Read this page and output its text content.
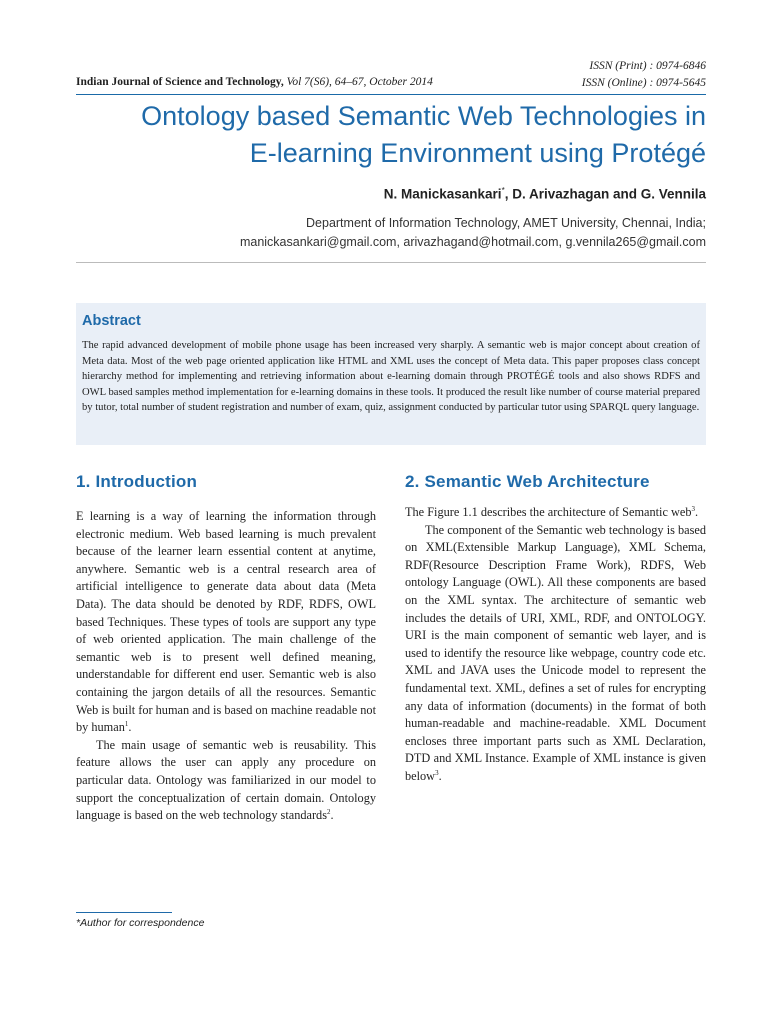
Indian Journal of Science and Technology, Vol 7(S6), 64–67, October 2014
ISSN (Print) : 0974-6846
ISSN (Online) : 0974-5645
Ontology based Semantic Web Technologies in
E-learning Environment using Protégé
N. Manickasankari*, D. Arivazhagan and G. Vennila
Department of Information Technology, AMET University, Chennai, India;
manickasankari@gmail.com, arivazhagand@hotmail.com, g.vennila265@gmail.com
Abstract
The rapid advanced development of mobile phone usage has been increased very sharply. A semantic web is major concept about creation of Meta data. Most of the web page oriented application like HTML and XML uses the concept of Meta data. This paper proposes class concept hierarchy method for implementing and retrieving information about e-learning domain through PROTÉGÉ tools and also shows RDFS and OWL based samples method implementation for e-learning domains in these tools. It produced the result like number of course material prepared by tutor, total number of student registration and number of exam, quiz, assignment conducted by particular tutor using SPARQL query language.
1. Introduction	2. Semantic Web Architecture

E learning is a way of learning the information through electronic medium. Web based learning is much prevalent because of the learner learn essential content at anytime, anywhere. Semantic web is a central research area of artificial intelligence to generate data about data (Meta Data). The data should be denoted by RDF, RDFS, OWL based Techniques. These types of tools are support any type of web oriented application. The main challenge of the semantic web is to present well defined meaning, understandable for different end user. Semantic web is also containing the jargon details of all the resources. Semantic Web is built for human and is based on machine readable not by human$^1$.

The main usage of semantic web is reusability. This feature allows the user can apply any procedure on particular data. Ontology was familiarized in our model to support the conceptualization of certain domain. Ontology language is based on the web technology standards$^2$.

The Figure 1.1 describes the architecture of Semantic web$^3$.

The component of the Semantic web technology is based on XML(Extensible Markup Language), XML Schema, RDF(Resource Description Frame Work), RDFS, Web ontology Language (OWL). All these components are based on the XML syntax. The architecture of semantic web includes the details of URI, XML, RDF, and ONTOLOGY. URI is the main component of semantic web layer, and is used to identify the resource like webpage, country code etc. XML and JAVA uses the Unicode model to represent the fundamental text. XML, defines a set of rules for encrypting any data of information (documents) in the format of both human-readable and machine-readable. XML Document encloses three important parts such as XML Declaration, DTD and XML Instance. Example of XML instance is given below$^3$.

*Author for correspondence
